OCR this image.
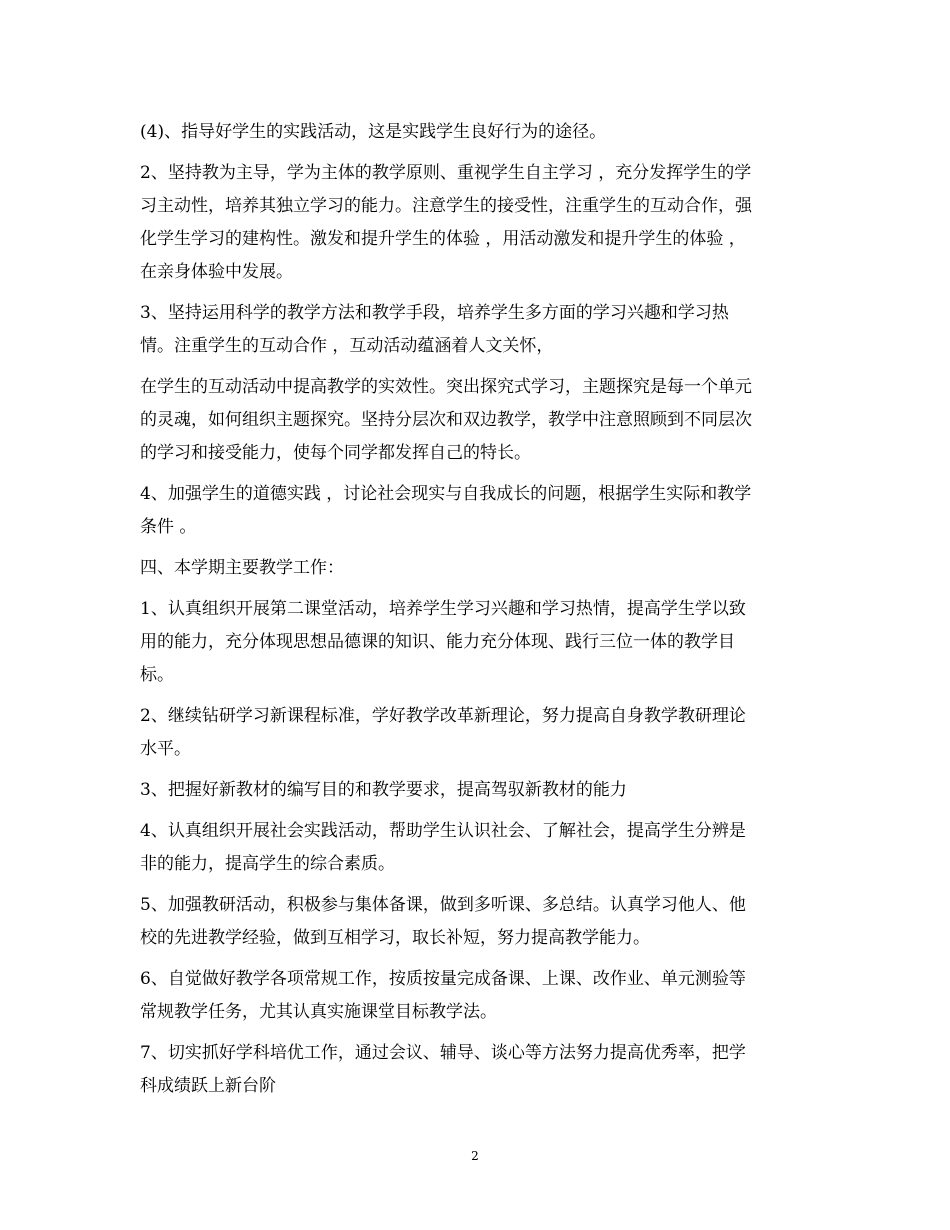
(4)、指导好学生的实践活动，这是实践学生良好行为的途径。

2、坚持教为主导，学为主体的教学原则、重视学生自主学习 ，充分发挥学生的学
习主动性，培养其独立学习的能力。注意学生的接受性，注重学生的互动合作，强
化学生学习的建构性。激发和提升学生的体验 ，用活动激发和提升学生的体验 ，
在亲身体验中发展。

3、坚持运用科学的教学方法和教学手段，培养学生多方面的学习兴趣和学习热
情。注重学生的互动合作 ，互动活动蕴涵着人文关怀，

在学生的互动活动中提高教学的实效性。突出探究式学习，主题探究是每一个单元
的灵魂，如何组织主题探究。坚持分层次和双边教学，教学中注意照顾到不同层次
的学习和接受能力，使每个同学都发挥自己的特长。

4、加强学生的道德实践 ，讨论社会现实与自我成长的问题，根据学生实际和教学
条件 。

四、本学期主要教学工作：

1、认真组织开展第二课堂活动，培养学生学习兴趣和学习热情，提高学生学以致
用的能力，充分体现思想品德课的知识、能力充分体现、践行三位一体的教学目
标。

2、继续钻研学习新课程标准，学好教学改革新理论，努力提高自身教学教研理论
水平。

3、把握好新教材的编写目的和教学要求，提高驾驭新教材的能力

4、认真组织开展社会实践活动，帮助学生认识社会、了解社会，提高学生分辨是
非的能力，提高学生的综合素质。

5、加强教研活动，积极参与集体备课，做到多听课、多总结。认真学习他人、他
校的先进教学经验，做到互相学习，取长补短，努力提高教学能力。

6、自觉做好教学各项常规工作，按质按量完成备课、上课、改作业、单元测验等
常规教学任务，尤其认真实施课堂目标教学法。

7、切实抓好学科培优工作，通过会议、辅导、谈心等方法努力提高优秀率，把学
科成绩跃上新台阶

2
